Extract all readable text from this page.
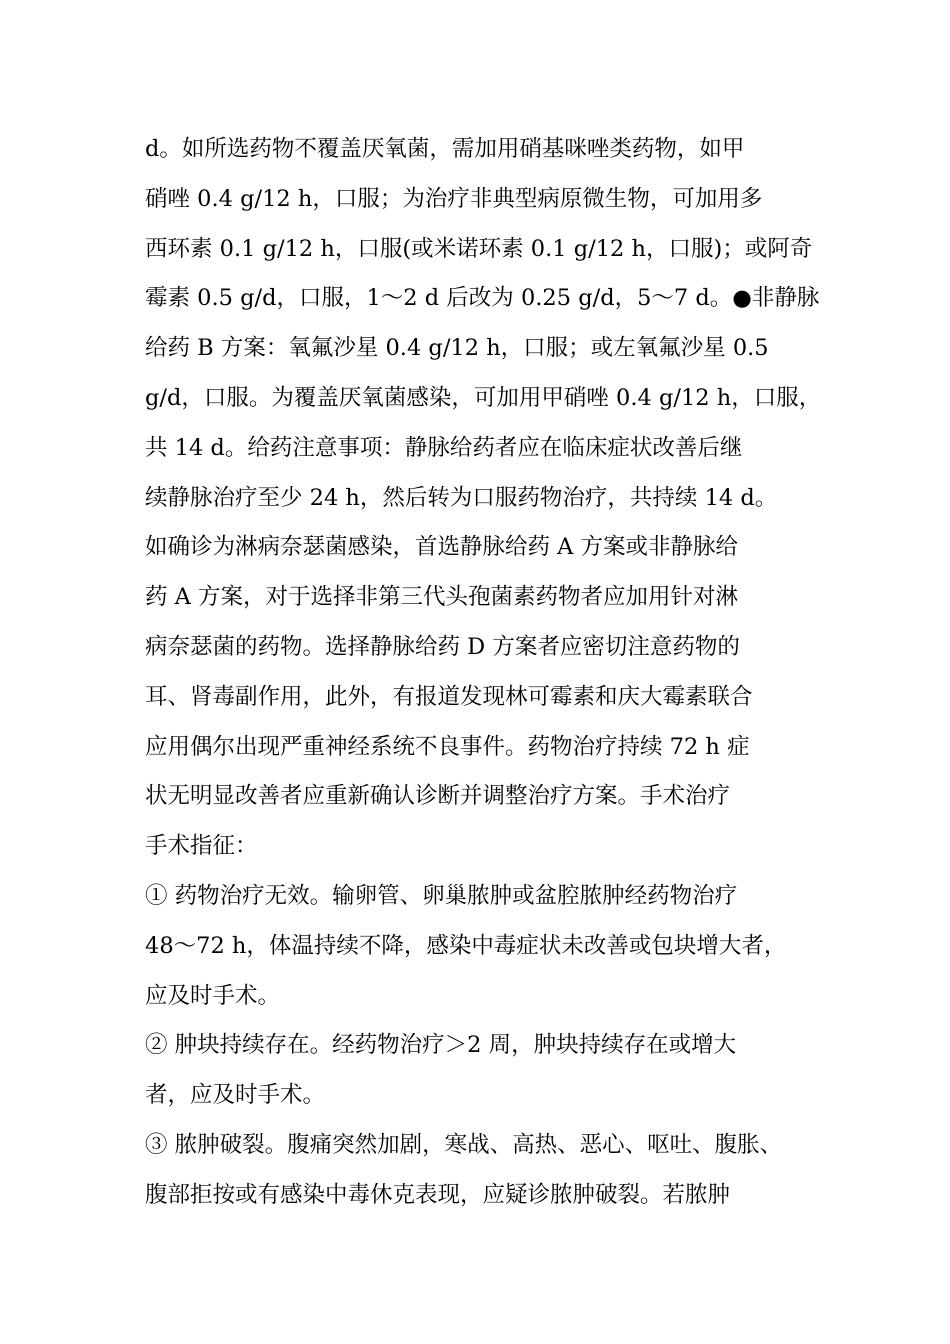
d。如所选药物不覆盖厌氧菌，需加用硝基咪唑类药物，如甲
硝唑 0.4 g/12 h，口服；为治疗非典型病原微生物，可加用多
西环素 0.1 g/12 h，口服(或米诺环素 0.1 g/12 h，口服)；或阿奇
霉素 0.5 g/d，口服，1～2 d 后改为 0.25 g/d，5～7 d。●非静脉
给药 B 方案：氧氟沙星 0.4 g/12 h，口服；或左氧氟沙星 0.5
g/d，口服。为覆盖厌氧菌感染，可加用甲硝唑 0.4 g/12 h，口服，
共 14 d。给药注意事项：静脉给药者应在临床症状改善后继
续静脉治疗至少 24 h，然后转为口服药物治疗，共持续 14 d。
如确诊为淋病奈瑟菌感染，首选静脉给药 A 方案或非静脉给
药 A 方案，对于选择非第三代头孢菌素药物者应加用针对淋
病奈瑟菌的药物。选择静脉给药 D 方案者应密切注意药物的
耳、肾毒副作用，此外，有报道发现林可霉素和庆大霉素联合
应用偶尔出现严重神经系统不良事件。药物治疗持续 72 h 症
状无明显改善者应重新确认诊断并调整治疗方案。手术治疗
手术指征：
① 药物治疗无效。输卵管、卵巢脓肿或盆腔脓肿经药物治疗
48～72 h，体温持续不降，感染中毒症状未改善或包块增大者，
应及时手术。
② 肿块持续存在。经药物治疗＞2 周，肿块持续存在或增大
者，应及时手术。
③ 脓肿破裂。腹痛突然加剧，寒战、高热、恶心、呕吐、腹胀、
腹部拒按或有感染中毒休克表现，应疑诊脓肿破裂。若脓肿
